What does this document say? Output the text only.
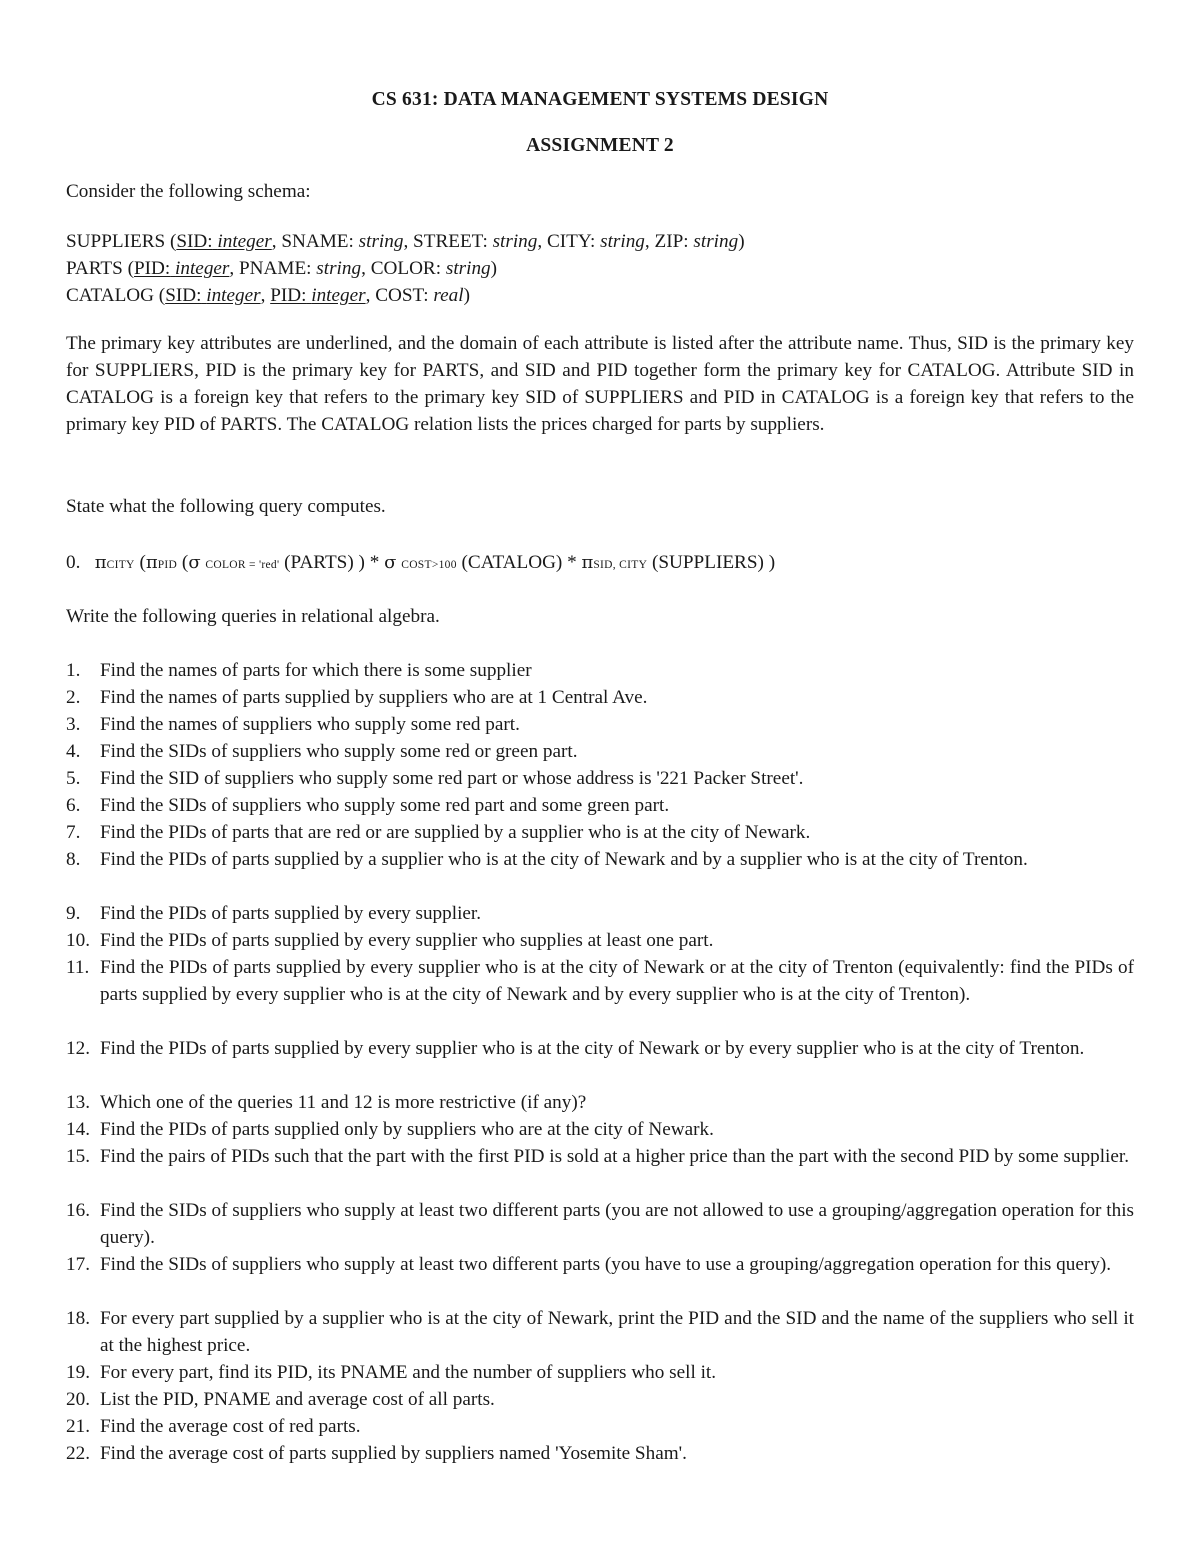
CS 631: DATA MANAGEMENT SYSTEMS DESIGN
ASSIGNMENT 2
Consider the following schema:
SUPPLIERS (SID: integer, SNAME: string, STREET: string, CITY: string, ZIP: string)
PARTS (PID: integer, PNAME: string, COLOR: string)
CATALOG (SID: integer, PID: integer, COST: real)
The primary key attributes are underlined, and the domain of each attribute is listed after the attribute name. Thus, SID is the primary key for SUPPLIERS, PID is the primary key for PARTS, and SID and PID together form the primary key for CATALOG. Attribute SID in CATALOG is a foreign key that refers to the primary key SID of SUPPLIERS and PID in CATALOG is a foreign key that refers to the primary key PID of PARTS. The CATALOG relation lists the prices charged for parts by suppliers.
State what the following query computes.
0. πCITY (πPID (σ COLOR = 'red' (PARTS) ) * σ COST>100 (CATALOG) * πSID, CITY (SUPPLIERS) )
Write the following queries in relational algebra.
1. Find the names of parts for which there is some supplier
2. Find the names of parts supplied by suppliers who are at 1 Central Ave.
3. Find the names of suppliers who supply some red part.
4. Find the SIDs of suppliers who supply some red or green part.
5. Find the SID of suppliers who supply some red part or whose address is '221 Packer Street'.
6. Find the SIDs of suppliers who supply some red part and some green part.
7. Find the PIDs of parts that are red or are supplied by a supplier who is at the city of Newark.
8. Find the PIDs of parts supplied by a supplier who is at the city of Newark and by a supplier who is at the city of Trenton.
9. Find the PIDs of parts supplied by every supplier.
10. Find the PIDs of parts supplied by every supplier who supplies at least one part.
11. Find the PIDs of parts supplied by every supplier who is at the city of Newark or at the city of Trenton (equivalently: find the PIDs of parts supplied by every supplier who is at the city of Newark and by every supplier who is at the city of Trenton).
12. Find the PIDs of parts supplied by every supplier who is at the city of Newark or by every supplier who is at the city of Trenton.
13. Which one of the queries 11 and 12 is more restrictive (if any)?
14. Find the PIDs of parts supplied only by suppliers who are at the city of Newark.
15. Find the pairs of PIDs such that the part with the first PID is sold at a higher price than the part with the second PID by some supplier.
16. Find the SIDs of suppliers who supply at least two different parts (you are not allowed to use a grouping/aggregation operation for this query).
17. Find the SIDs of suppliers who supply at least two different parts (you have to use a grouping/aggregation operation for this query).
18. For every part supplied by a supplier who is at the city of Newark, print the PID and the SID and the name of the suppliers who sell it at the highest price.
19. For every part, find its PID, its PNAME and the number of suppliers who sell it.
20. List the PID, PNAME and average cost of all parts.
21. Find the average cost of red parts.
22. Find the average cost of parts supplied by suppliers named 'Yosemite Sham'.
